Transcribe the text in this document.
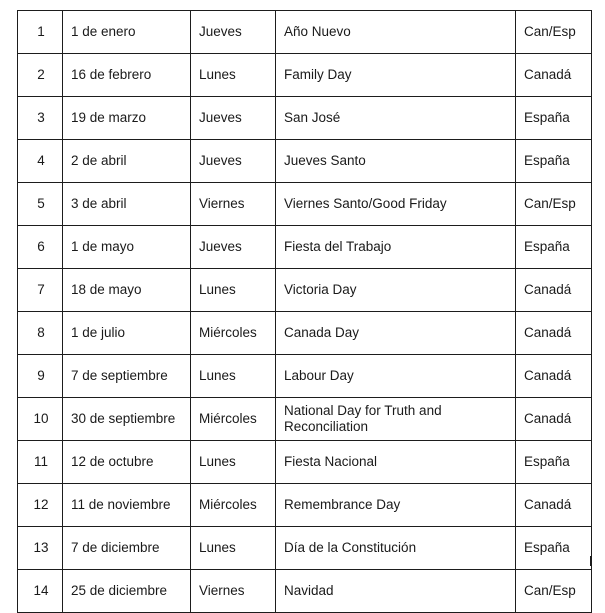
1	1 de enero	Jueves	Año Nuevo	Can/Esp
2	16 de febrero	Lunes	Family Day	Canadá
3	19 de marzo	Jueves	San José	España
4	2 de abril	Jueves	Jueves Santo	España
5	3 de abril	Viernes	Viernes Santo/Good Friday	Can/Esp
6	1 de mayo	Jueves	Fiesta del Trabajo	España
7	18 de mayo	Lunes	Victoria Day	Canadá
8	1 de julio	Miércoles	Canada Day	Canadá
9	7 de septiembre	Lunes	Labour Day	Canadá
10	30 de septiembre	Miércoles	National Day for Truth and Reconciliation	Canadá
11	12 de octubre	Lunes	Fiesta Nacional	España
12	11 de noviembre	Miércoles	Remembrance Day	Canadá
13	7 de diciembre	Lunes	Día de la Constitución	España
14	25 de diciembre	Viernes	Navidad	Can/Esp
